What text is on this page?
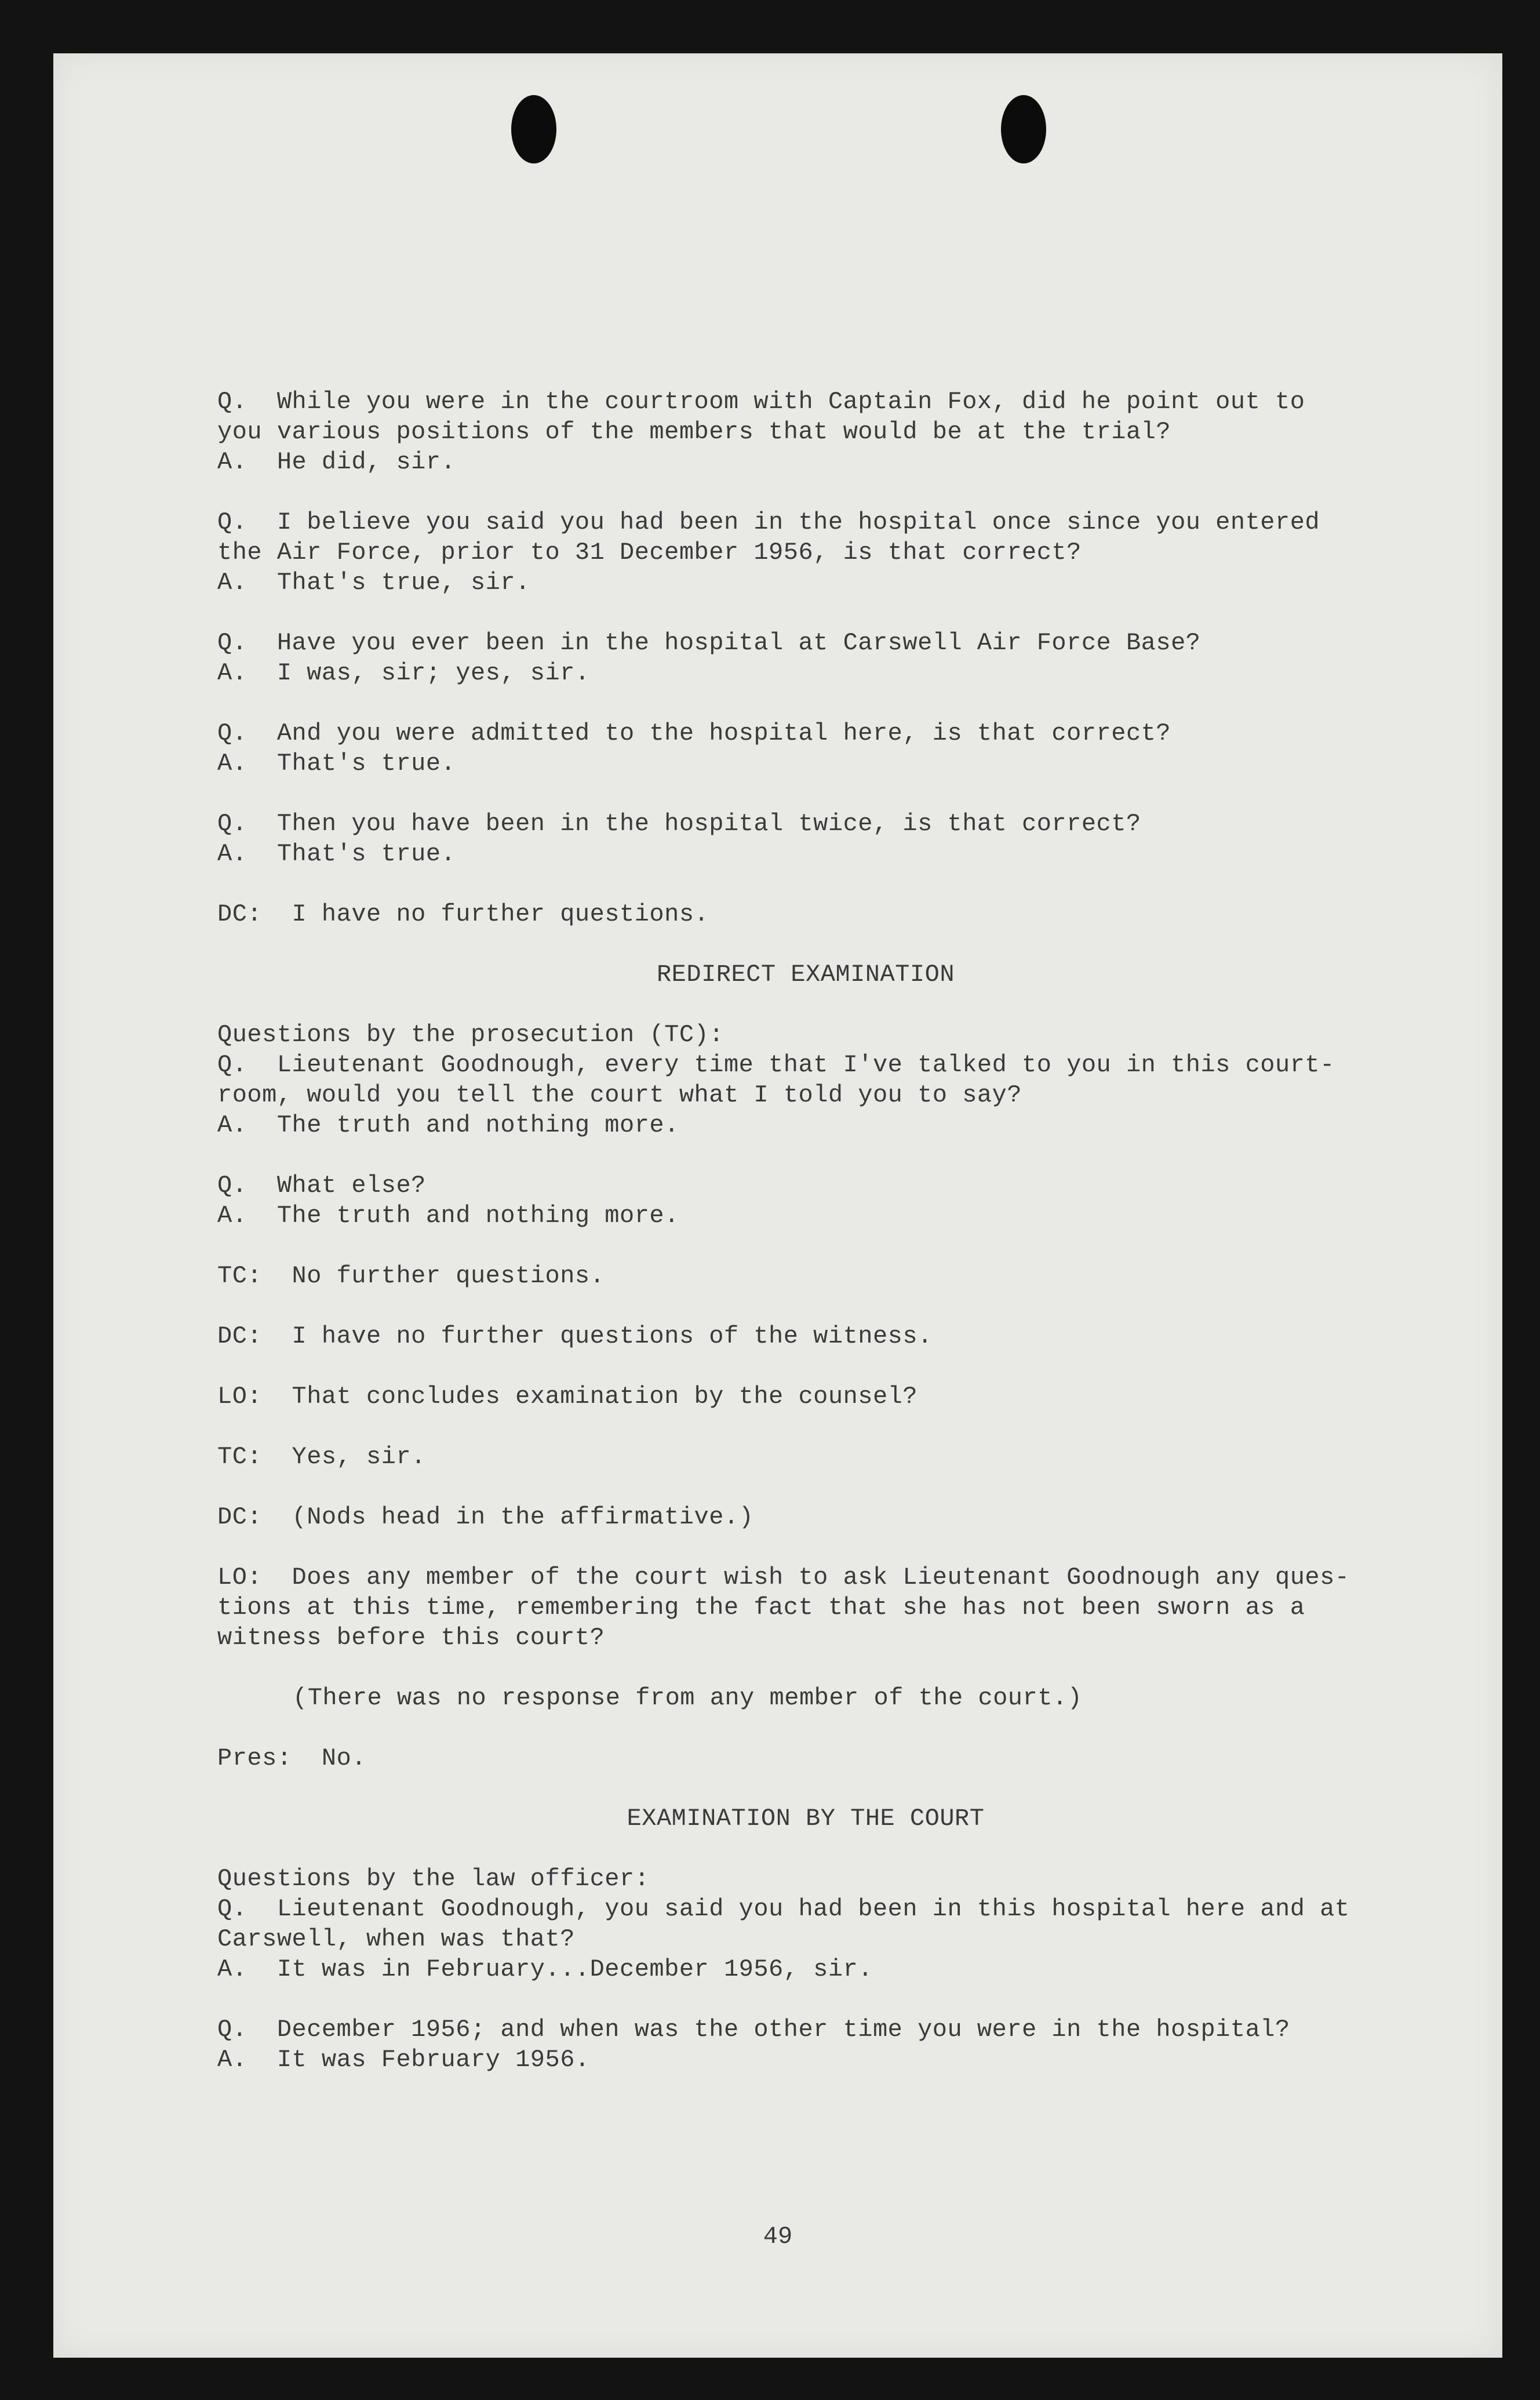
Q.  While you were in the courtroom with Captain Fox, did he point out to
you various positions of the members that would be at the trial?
A.  He did, sir.
Q.  I believe you said you had been in the hospital once since you entered
the Air Force, prior to 31 December 1956, is that correct?
A.  That's true, sir.
Q.  Have you ever been in the hospital at Carswell Air Force Base?
A.  I was, sir; yes, sir.
Q.  And you were admitted to the hospital here, is that correct?
A.  That's true.
Q.  Then you have been in the hospital twice, is that correct?
A.  That's true.
DC:  I have no further questions.
REDIRECT EXAMINATION
Questions by the prosecution (TC):
Q.  Lieutenant Goodnough, every time that I've talked to you in this court-
room, would you tell the court what I told you to say?
A.  The truth and nothing more.
Q.  What else?
A.  The truth and nothing more.
TC:  No further questions.
DC:  I have no further questions of the witness.
LO:  That concludes examination by the counsel?
TC:  Yes, sir.
DC:  (Nods head in the affirmative.)
LO:  Does any member of the court wish to ask Lieutenant Goodnough any ques-
tions at this time, remembering the fact that she has not been sworn as a
witness before this court?
(There was no response from any member of the court.)
Pres:  No.
EXAMINATION BY THE COURT
Questions by the law officer:
Q.  Lieutenant Goodnough, you said you had been in this hospital here and at
Carswell, when was that?
A.  It was in February...December 1956, sir.
Q.  December 1956; and when was the other time you were in the hospital?
A.  It was February 1956.
49
